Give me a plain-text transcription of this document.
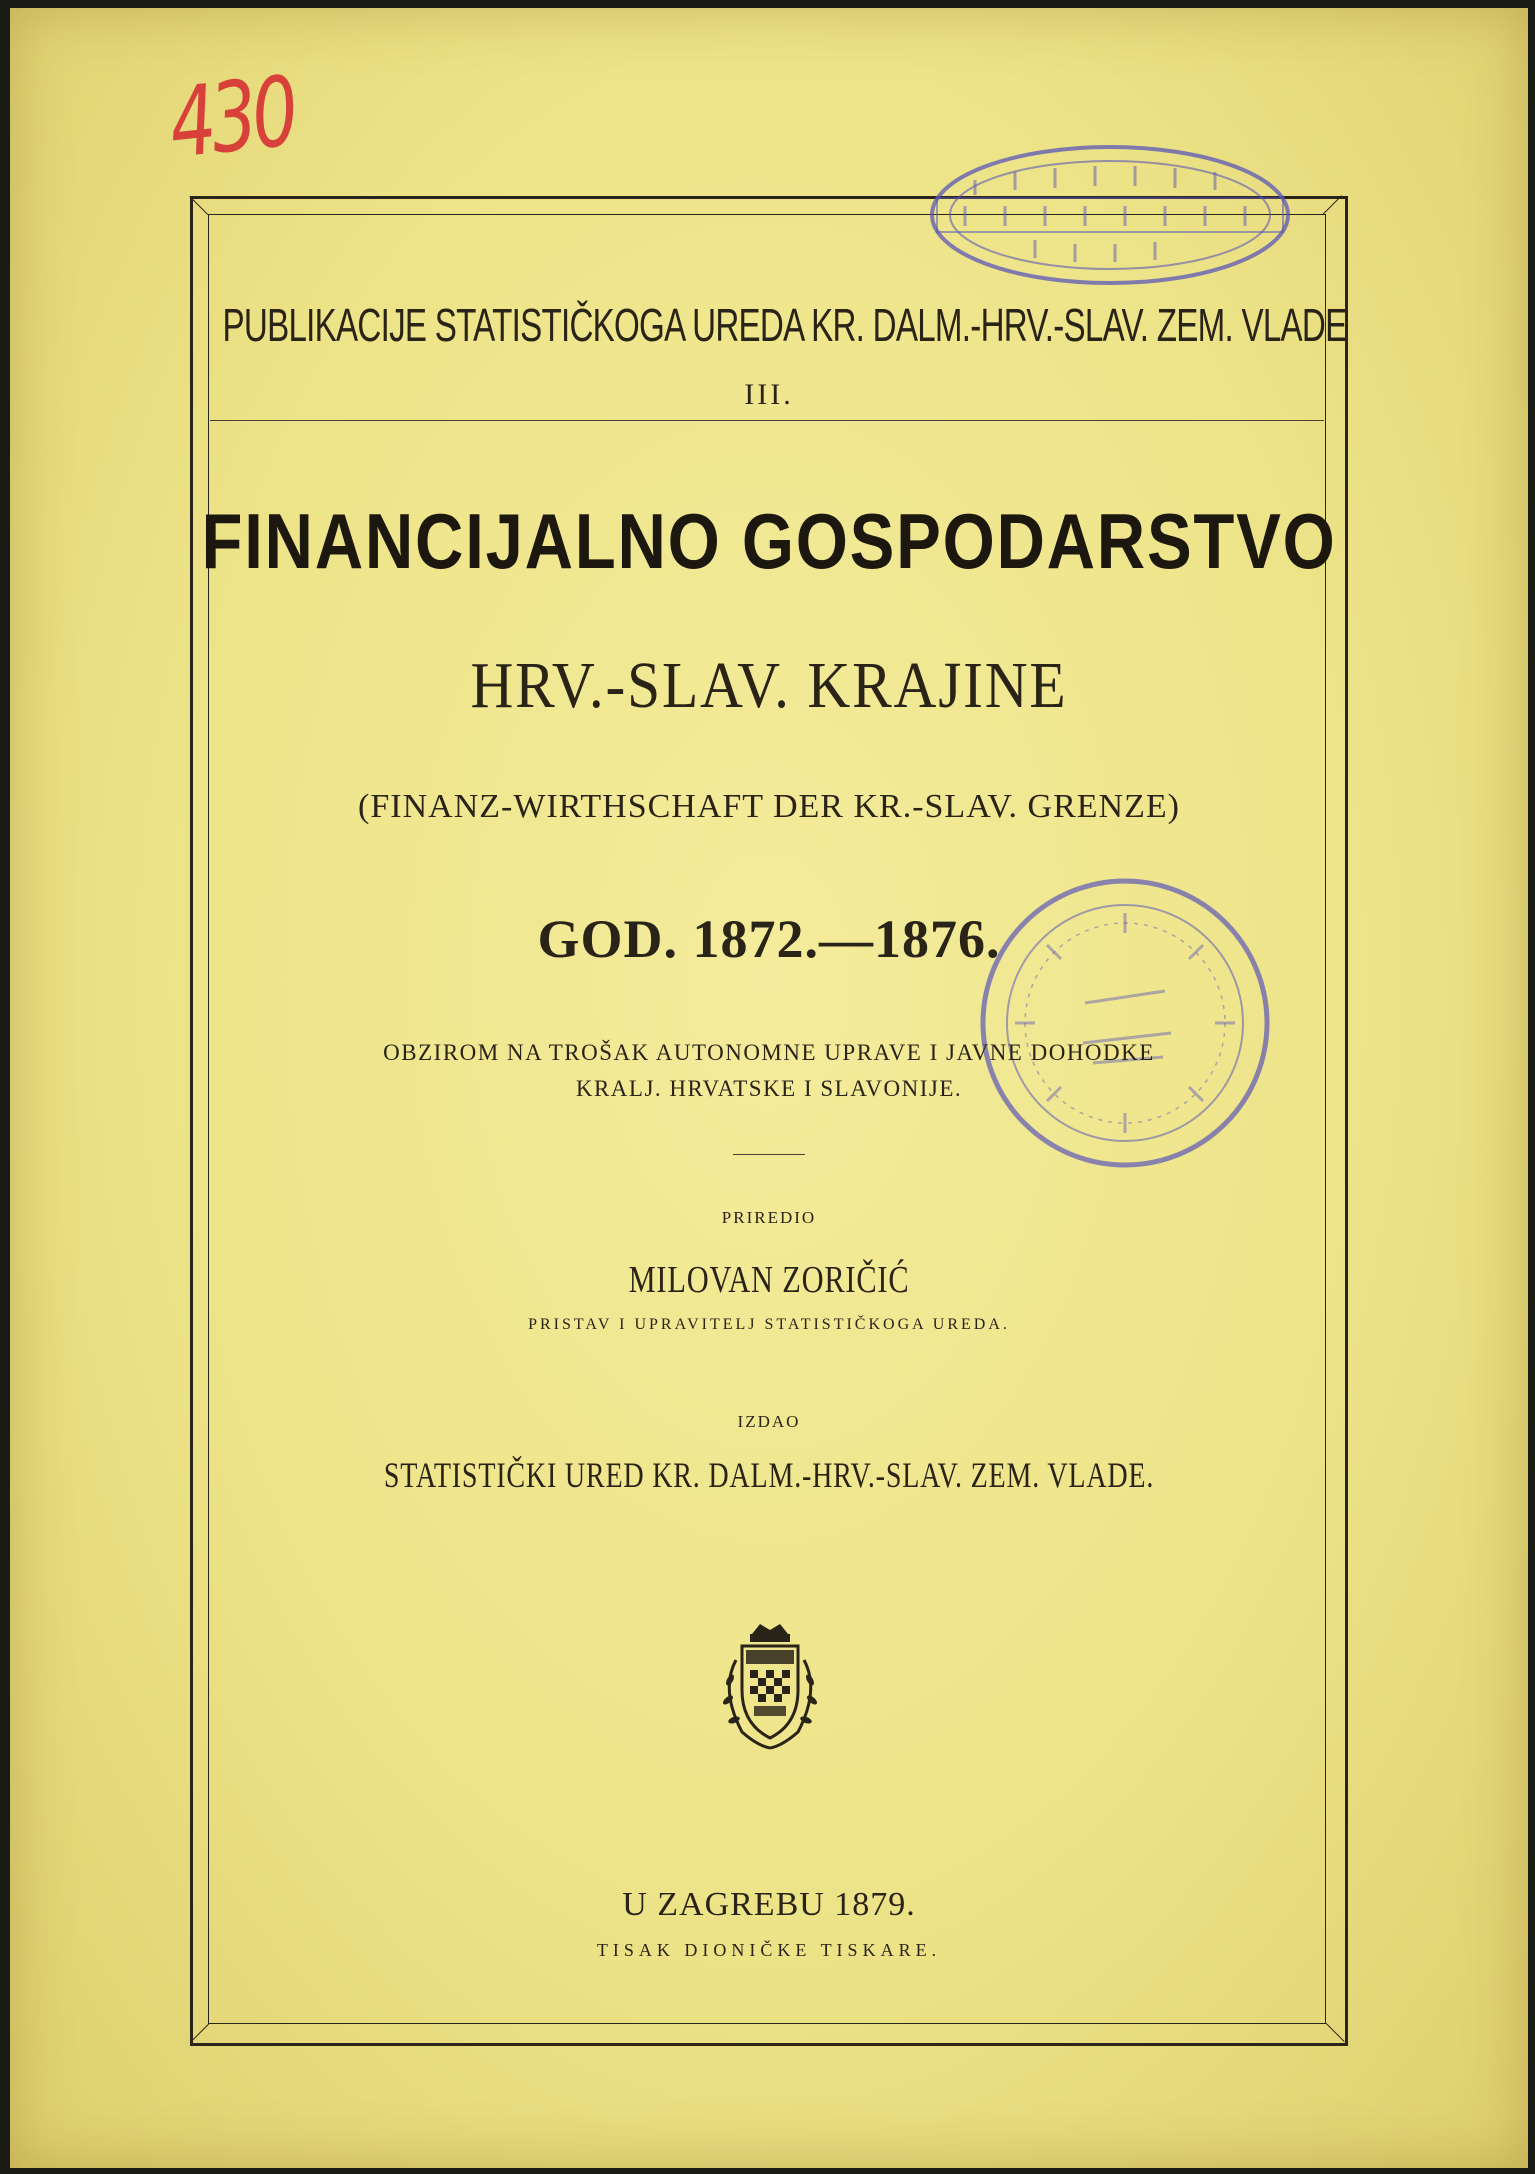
430
PUBLIKACIJE STATISTIČKOGA UREDA KR. DALM.-HRV.-SLAV. ZEM. VLADE
III.
FINANCIJALNO GOSPODARSTVO
HRV.-SLAV. KRAJINE
(FINANZ-WIRTHSCHAFT DER KR.-SLAV. GRENZE)
GOD. 1872.—1876.
OBZIROM NA TROŠAK AUTONOMNE UPRAVE I JAVNE DOHODKE
KRALJ. HRVATSKE I SLAVONIJE.
PRIREDIO
MILOVAN ZORIČIĆ
PRISTAV I UPRAVITELJ STATISTIČKOGA UREDA.
IZDAO
STATISTIČKI URED KR. DALM.-HRV.-SLAV. ZEM. VLADE.
U ZAGREBU 1879.
TISAK DIONIČKE TISKARE.
